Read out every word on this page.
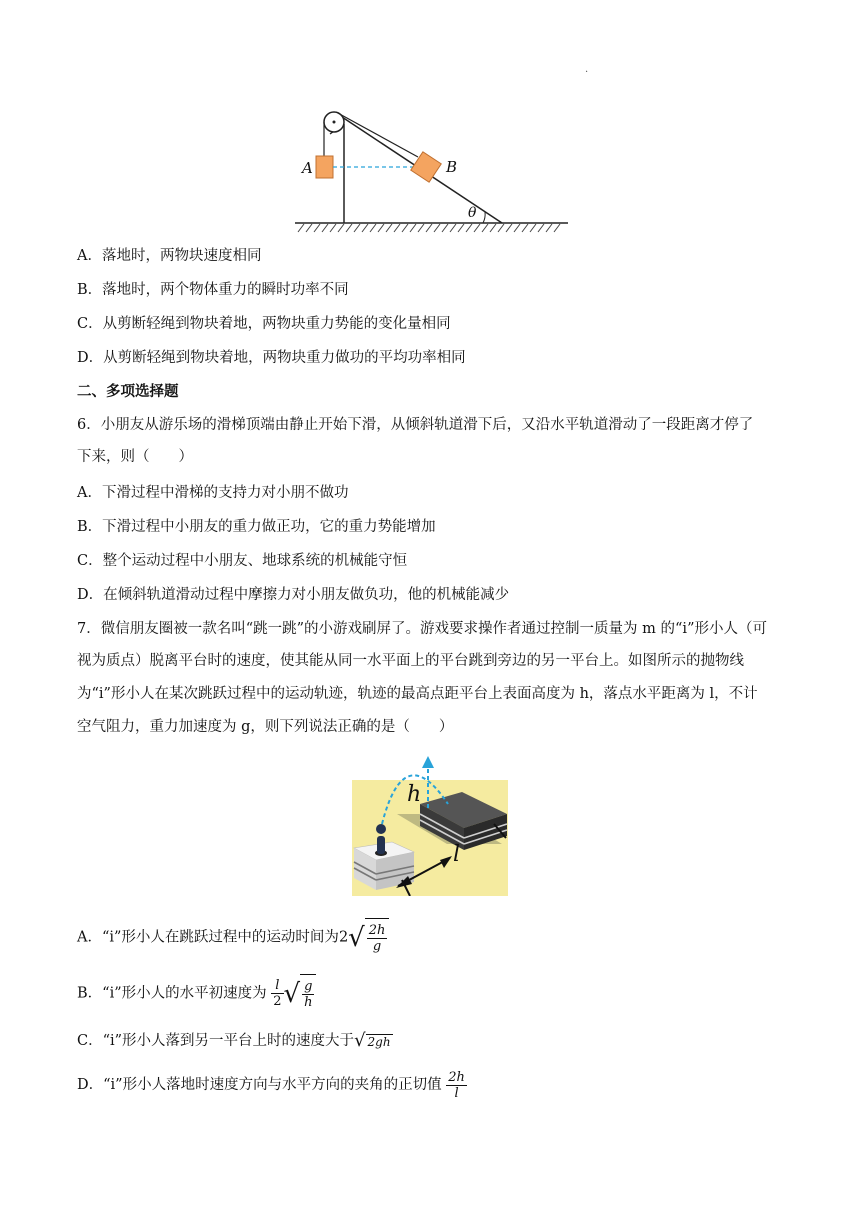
.
A	B
θ
A．落地时，两物块速度相同
B．落地时，两个物体重力的瞬时功率不同
C．从剪断轻绳到物块着地，两物块重力势能的变化量相同
D．从剪断轻绳到物块着地，两物块重力做功的平均功率相同
二、多项选择题
6．小朋友从游乐场的滑梯顶端由静止开始下滑，从倾斜轨道滑下后，又沿水平轨道滑动了一段距离才停了
下来，则（　　）
A．下滑过程中滑梯的支持力对小朋不做功
B．下滑过程中小朋友的重力做正功，它的重力势能增加
C．整个运动过程中小朋友、地球系统的机械能守恒
D．在倾斜轨道滑动过程中摩擦力对小朋友做负功，他的机械能减少
7．微信朋友圈被一款名叫“跳一跳”的小游戏刷屏了。游戏要求操作者通过控制一质量为 m 的“i”形小人（可
视为质点）脱离平台时的速度，使其能从同一水平面上的平台跳到旁边的另一平台上。如图所示的抛物线
为“i”形小人在某次跳跃过程中的运动轨迹，轨迹的最高点距平台上表面高度为 h，落点水平距离为 l，不计
空气阻力，重力加速度为 g，则下列说法正确的是（　　）
h
l
A．“i”形小人在跳跃过程中的运动时间为$2√ \frac{2h}{g}$
B．“i”形小人的水平初速度为 $\frac{l}{2}$ √ $\frac{g}{h}$
C．“i”形小人落到另一平台上时的速度大于√ 2gh
D．“i”形小人落地时速度方向与水平方向的夹角的正切值 $\frac{2h}{l}$
